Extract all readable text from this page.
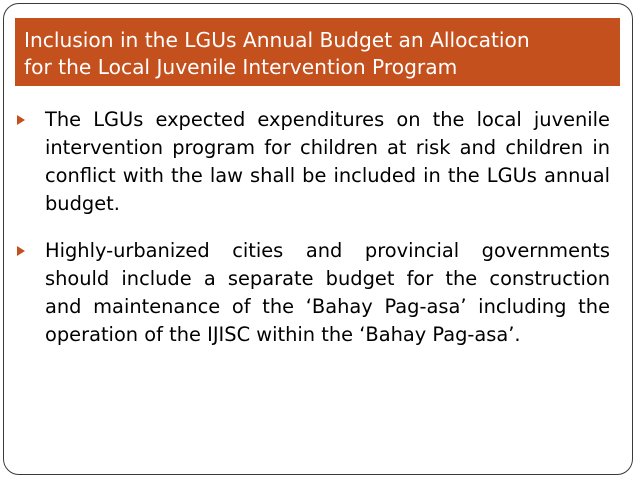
Inclusion in the LGUs Annual Budget an Allocation
for the Local Juvenile Intervention Program
The LGUs expected expenditures on the local juvenile intervention program for children at risk and children in conflict with the law shall be included in the LGUs annual budget.
Highly-urbanized cities and provincial governments should include a separate budget for the construction and maintenance of the ‘Bahay Pag-asa’ including the operation of the IJISC within the ‘Bahay Pag-asa’.
